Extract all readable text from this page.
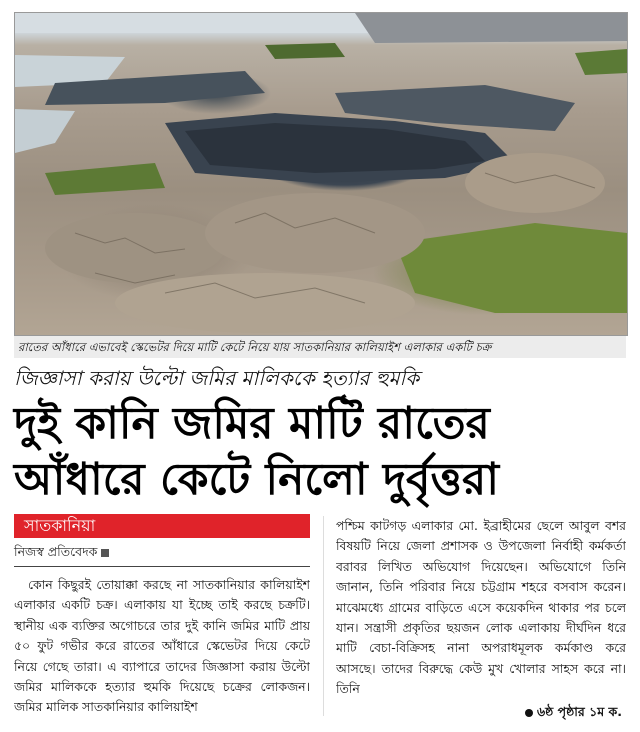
রাতের আঁধারে এভাবেই স্কেভেটর দিয়ে মাটি কেটে নিয়ে যায় সাতকানিয়ার কালিয়াইশ এলাকার একটি চক্র
জিজ্ঞাসা করায় উল্টো জমির মালিককে হত্যার হুমকি
দুই কানি জমির মাটি রাতের
আঁধারে কেটে নিলো দুর্বৃত্তরা
সাতকানিয়া
নিজস্ব প্রতিবেদক
কোন কিছুরই তোয়াক্কা করছে না সাতকানিয়ার কালিয়াইশ এলাকার একটি চক্র। এলাকায় যা ইচ্ছে তাই করছে চক্রটি। স্থানীয় এক ব্যক্তির অগোচরে তার দুই কানি জমির মাটি প্রায় ৫০ ফুট গভীর করে রাতের আঁধারে স্কেভেটর দিয়ে কেটে নিয়ে গেছে তারা। এ ব্যাপারে তাদের জিজ্ঞাসা করায় উল্টো জমির মালিককে হত্যার হুমকি দিয়েছে চক্রের লোকজন। জমির মালিক সাতকানিয়ার কালিয়াইশ
পশ্চিম কাটগড় এলাকার মো. ইব্রাহীমের ছেলে আবুল বশর বিষয়টি নিয়ে জেলা প্রশাসক ও উপজেলা নির্বাহী কর্মকর্তা বরাবর লিখিত অভিযোগ দিয়েছেন। অভিযোগে তিনি জানান, তিনি পরিবার নিয়ে চট্টগ্রাম শহরে বসবাস করেন। মাঝেমধ্যে গ্রামের বাড়িতে এসে কয়েকদিন থাকার পর চলে যান। সন্ত্রাসী প্রকৃতির ছয়জন লোক এলাকায় দীর্ঘদিন ধরে মাটি বেচা-বিক্রিসহ নানা অপরাধমূলক কর্মকাণ্ড করে আসছে। তাদের বিরুদ্ধে কেউ মুখ খোলার সাহস করে না। তিনি
৬ষ্ঠ পৃষ্ঠার ১ম ক.
